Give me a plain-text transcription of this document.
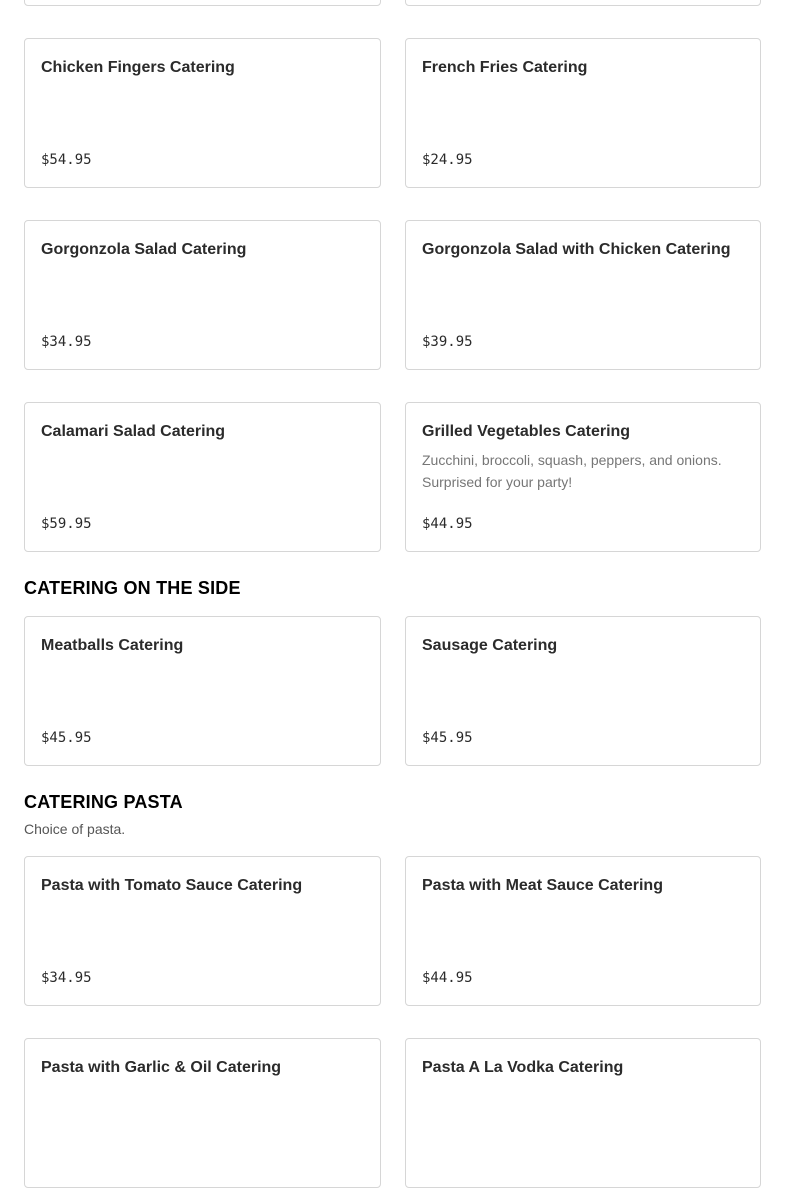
Chicken Fingers Catering
$54.95
French Fries Catering
$24.95
Gorgonzola Salad Catering
$34.95
Gorgonzola Salad with Chicken Catering
$39.95
Calamari Salad Catering
$59.95
Grilled Vegetables Catering
Zucchini, broccoli, squash, peppers, and onions. Surprised for your party!
$44.95
CATERING ON THE SIDE
Meatballs Catering
$45.95
Sausage Catering
$45.95
CATERING PASTA
Choice of pasta.
Pasta with Tomato Sauce Catering
$34.95
Pasta with Meat Sauce Catering
$44.95
Pasta with Garlic & Oil Catering	Pasta A La Vodka Catering
